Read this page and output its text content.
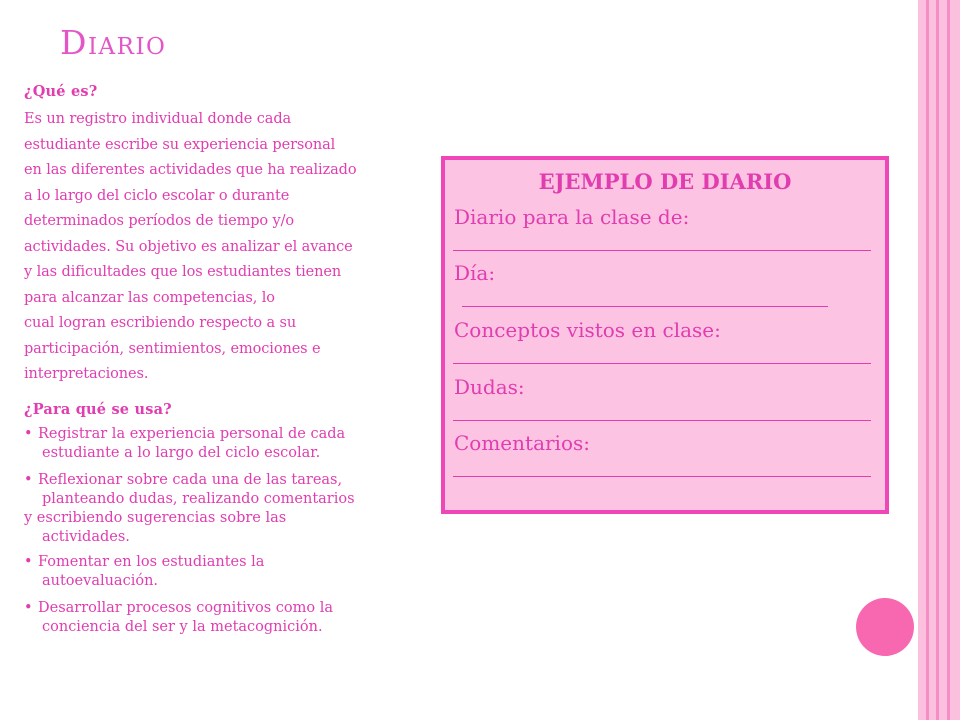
Diario

¿Qué es?

Es un registro individual donde cada

estudiante escribe su experiencia personal

en las diferentes actividades que ha realizado

a lo largo del ciclo escolar o durante

determinados períodos de tiempo y/o

actividades. Su objetivo es analizar el avance

y las dificultades que los estudiantes tienen

para alcanzar las competencias, lo

cual logran escribiendo respecto a su

participación, sentimientos, emociones e

interpretaciones.

¿Para qué se usa?

• Registrar la experiencia personal de cada
estudiante a lo largo del ciclo escolar.
• Reflexionar sobre cada una de las tareas,
planteando dudas, realizando comentarios
y escribiendo sugerencias sobre las
actividades.
• Fomentar en los estudiantes la
autoevaluación.
• Desarrollar procesos cognitivos como la
conciencia del ser y la metacognición.
EJEMPLO DE DIARIO
Diario para la clase de:
Día:
Conceptos vistos en clase:
Dudas:
Comentarios:
